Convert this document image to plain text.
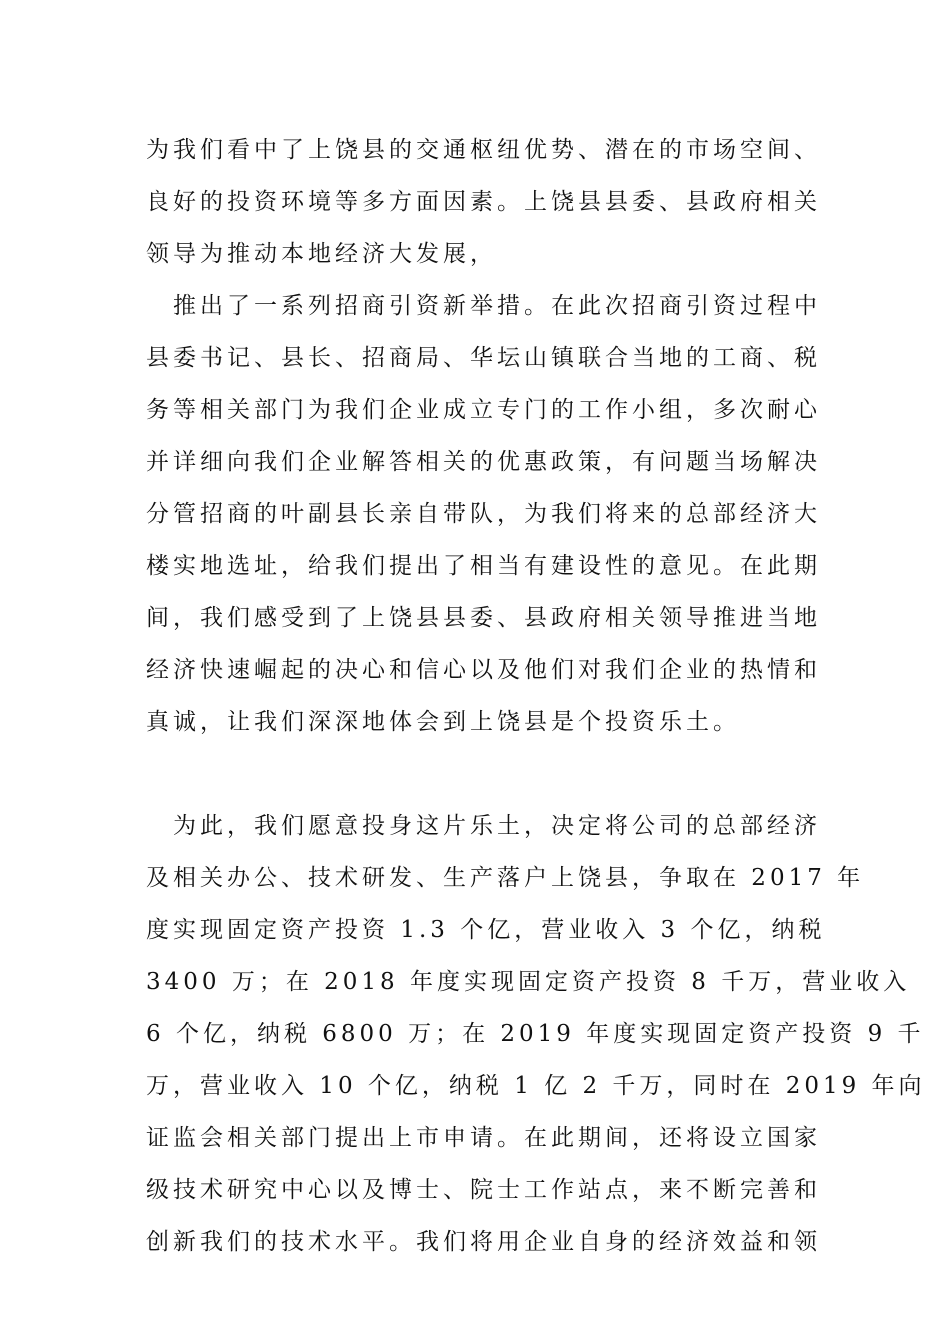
为我们看中了上饶县的交通枢纽优势、潜在的市场空间、
良好的投资环境等多方面因素。上饶县县委、县政府相关
领导为推动本地经济大发展，
　推出了一系列招商引资新举措。在此次招商引资过程中
县委书记、县长、招商局、华坛山镇联合当地的工商、税
务等相关部门为我们企业成立专门的工作小组，多次耐心
并详细向我们企业解答相关的优惠政策，有问题当场解决
分管招商的叶副县长亲自带队，为我们将来的总部经济大
楼实地选址，给我们提出了相当有建设性的意见。在此期
间，我们感受到了上饶县县委、县政府相关领导推进当地
经济快速崛起的决心和信心以及他们对我们企业的热情和
真诚，让我们深深地体会到上饶县是个投资乐土。
　为此，我们愿意投身这片乐土，决定将公司的总部经济
及相关办公、技术研发、生产落户上饶县，争取在 2017 年
度实现固定资产投资 1.3 个亿，营业收入 3 个亿，纳税
3400 万；在 2018 年度实现固定资产投资 8 千万，营业收入
6 个亿，纳税 6800 万；在 2019 年度实现固定资产投资 9 千
万，营业收入 10 个亿，纳税 1 亿 2 千万，同时在 2019 年向
证监会相关部门提出上市申请。在此期间，还将设立国家
级技术研究中心以及博士、院士工作站点，来不断完善和
创新我们的技术水平。我们将用企业自身的经济效益和领
